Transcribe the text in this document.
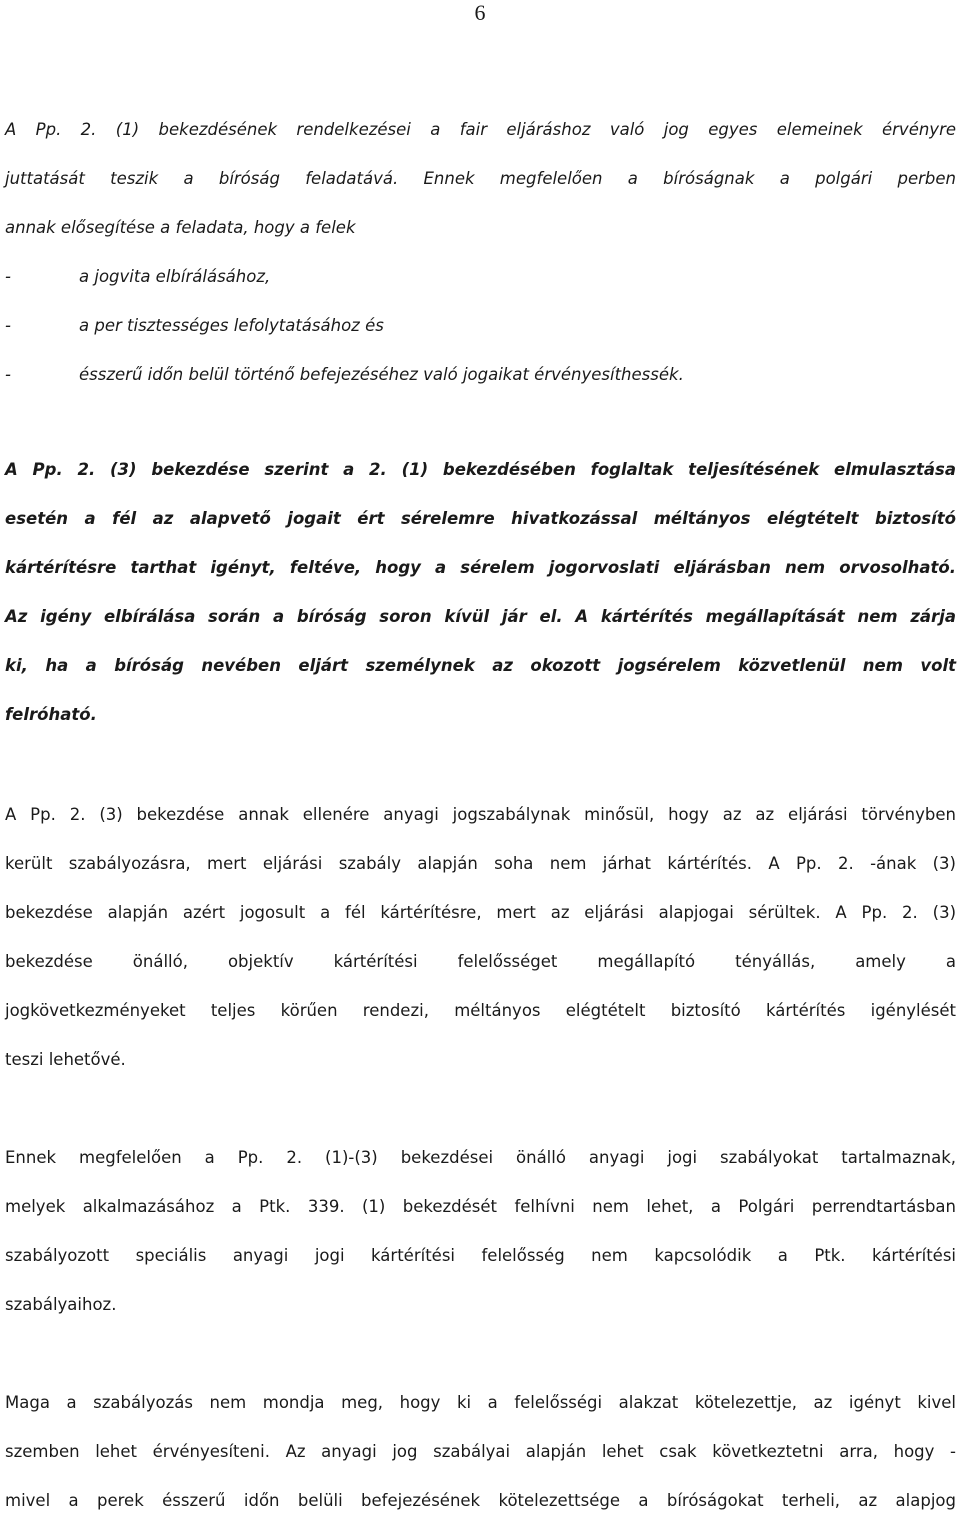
6
A Pp. 2. (1) bekezdésének rendelkezései a fair eljáráshoz való jog egyes elemeinek érvényre
juttatását teszik a bíróság feladatává. Ennek megfelelően a bíróságnak a polgári perben
annak elősegítése a feladata, hogy a felek
-	a jogvita elbírálásához,
-	a per tisztességes lefolytatásához és
-	ésszerű időn belül történő befejezéséhez való jogaikat érvényesíthessék.
A Pp. 2. (3) bekezdése szerint a 2. (1) bekezdésében foglaltak teljesítésének elmulasztása
esetén a fél az alapvető jogait ért sérelemre hivatkozással méltányos elégtételt biztosító
kártérítésre tarthat igényt, feltéve, hogy a sérelem jogorvoslati eljárásban nem orvosolható.
Az igény elbírálása során a bíróság soron kívül jár el. A kártérítés megállapítását nem zárja
ki, ha a bíróság nevében eljárt személynek az okozott jogsérelem közvetlenül nem volt
felróható.
A Pp. 2. (3) bekezdése annak ellenére anyagi jogszabálynak minősül, hogy az az eljárási törvényben
került szabályozásra, mert eljárási szabály alapján soha nem járhat kártérítés. A Pp. 2. -ának (3)
bekezdése alapján azért jogosult a fél kártérítésre, mert az eljárási alapjogai sérültek. A Pp. 2. (3)
bekezdése önálló, objektív kártérítési felelősséget megállapító tényállás, amely a
jogkövetkezményeket teljes körűen rendezi, méltányos elégtételt biztosító kártérítés igénylését
teszi lehetővé.
Ennek megfelelően a Pp. 2. (1)-(3) bekezdései önálló anyagi jogi szabályokat tartalmaznak,
melyek alkalmazásához a Ptk. 339. (1) bekezdését felhívni nem lehet, a Polgári perrendtartásban
szabályozott speciális anyagi jogi kártérítési felelősség nem kapcsolódik a Ptk. kártérítési
szabályaihoz.
Maga a szabályozás nem mondja meg, hogy ki a felelősségi alakzat kötelezettje, az igényt kivel
szemben lehet érvényesíteni. Az anyagi jog szabályai alapján lehet csak következtetni arra, hogy -
mivel a perek ésszerű időn belüli befejezésének kötelezettsége a bíróságokat terheli, az alapjog
